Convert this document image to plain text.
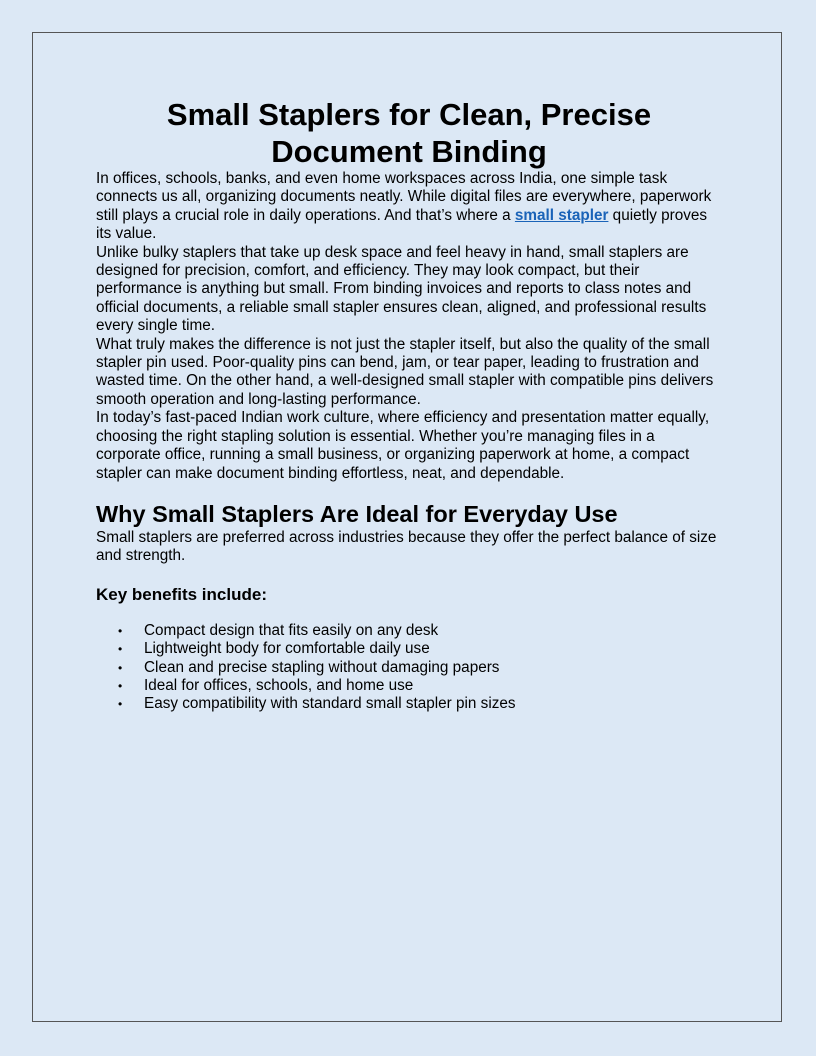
Small Staplers for Clean, Precise Document Binding

In offices, schools, banks, and even home workspaces across India, one simple task connects us all, organizing documents neatly. While digital files are everywhere, paperwork still plays a crucial role in daily operations. And that’s where a small stapler quietly proves its value.

Unlike bulky staplers that take up desk space and feel heavy in hand, small staplers are designed for precision, comfort, and efficiency. They may look compact, but their performance is anything but small. From binding invoices and reports to class notes and official documents, a reliable small stapler ensures clean, aligned, and professional results every single time.

What truly makes the difference is not just the stapler itself, but also the quality of the small stapler pin used. Poor-quality pins can bend, jam, or tear paper, leading to frustration and wasted time. On the other hand, a well-designed small stapler with compatible pins delivers smooth operation and long-lasting performance.

In today’s fast-paced Indian work culture, where efficiency and presentation matter equally, choosing the right stapling solution is essential. Whether you’re managing files in a corporate office, running a small business, or organizing paperwork at home, a compact stapler can make document binding effortless, neat, and dependable.

Why Small Staplers Are Ideal for Everyday Use

Small staplers are preferred across industries because they offer the perfect balance of size and strength.

Key benefits include:
• Compact design that fits easily on any desk
• Lightweight body for comfortable daily use
• Clean and precise stapling without damaging papers
• Ideal for offices, schools, and home use
• Easy compatibility with standard small stapler pin sizes
